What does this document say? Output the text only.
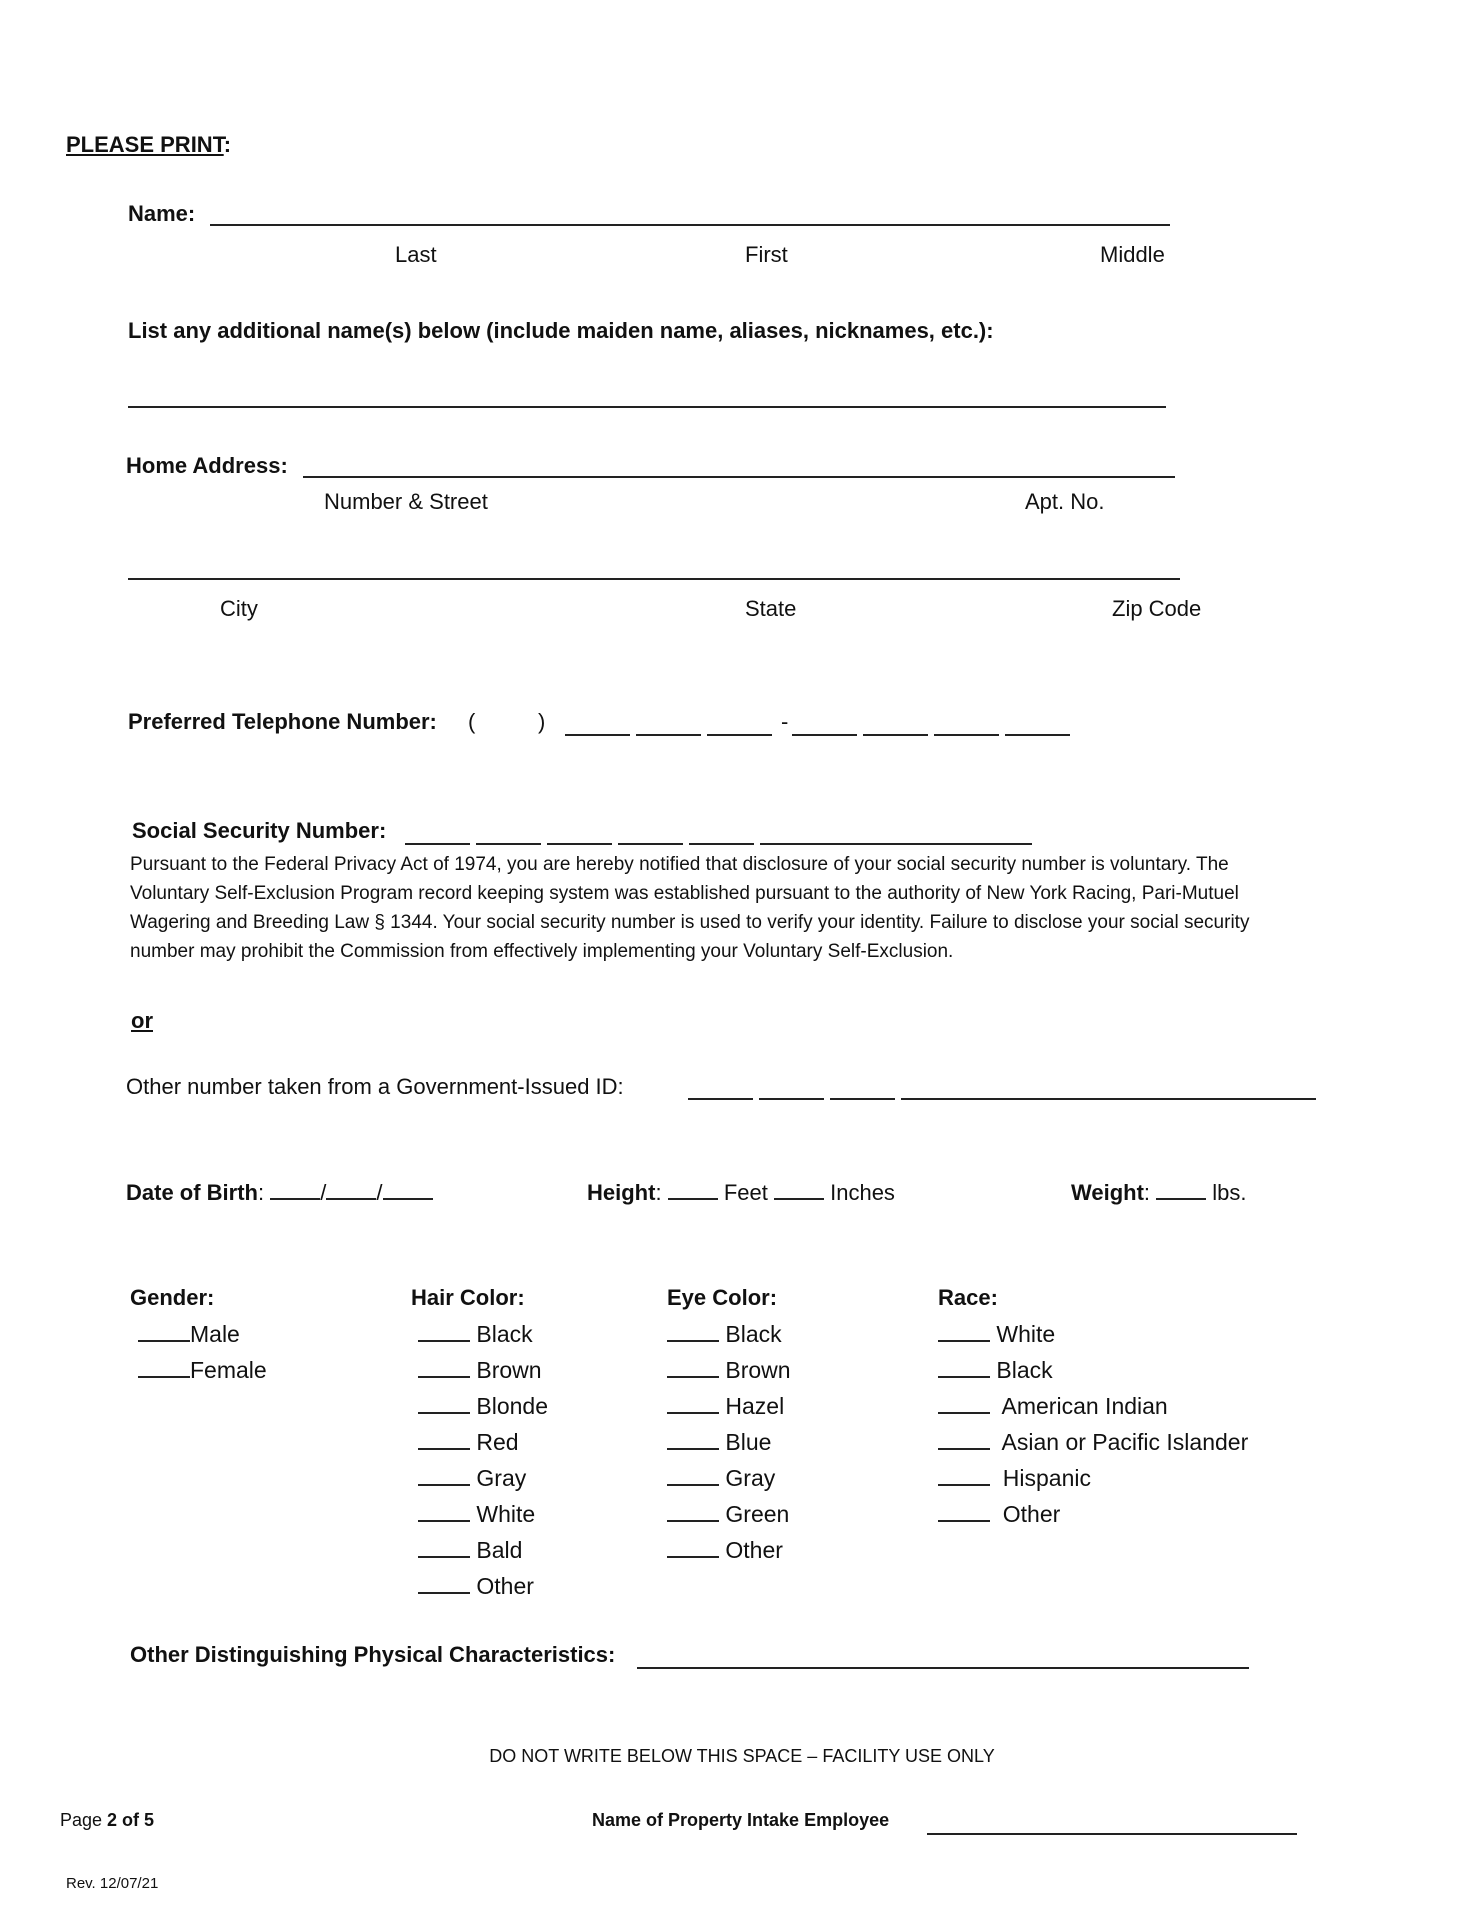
PLEASE PRINT:
Name:
Last	First	Middle
List any additional name(s) below (include maiden name, aliases, nicknames, etc.):
Home Address:
Number & Street	Apt. No.
City	State	Zip Code
Preferred Telephone Number: (	)	-
Social Security Number:

Pursuant to the Federal Privacy Act of 1974, you are hereby notified that disclosure of your social security number is voluntary. The

Voluntary Self-Exclusion Program record keeping system was established pursuant to the authority of New York Racing, Pari-Mutuel

Wagering and Breeding Law § 1344. Your social security number is used to verify your identity. Failure to disclose your social security

number may prohibit the Commission from effectively implementing your Voluntary Self-Exclusion.

or
Other number taken from a Government-Issued ID:
Date of Birth:	/ /	Height:	Feet	Inches	Weight:	lbs.
Gender:
Male
Female
Hair Color:
Black
Brown
Blonde
Red
Gray
White
Bald
Other
Eye Color:
Black
Brown
Hazel
Blue
Gray
Green
Other
Race:
White
Black
American Indian
Asian or Pacific Islander
Hispanic
Other
Other Distinguishing Physical Characteristics:
DO NOT WRITE BELOW THIS SPACE – FACILITY USE ONLY
Page 2 of 5	Name of Property Intake Employee
Rev. 12/07/21
